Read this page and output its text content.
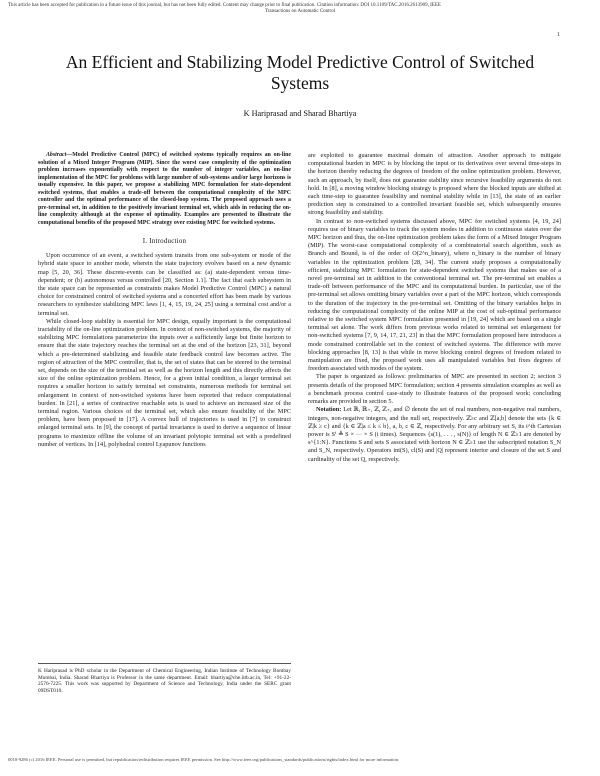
This article has been accepted for publication in a future issue of this journal, but has not been fully edited. Content may change prior to final publication. Citation information: DOI 10.1109/TAC.2016.2613909, IEEE
Transactions on Automatic Control
1
An Efficient and Stabilizing Model Predictive Control of Switched Systems
K Hariprasad and Sharad Bhartiya

Abstract—Model Predictive Control (MPC) of switched systems typically requires an on-line solution of a Mixed Integer Program (MIP). Since the worst case complexity of the optimization problem increases exponentially with respect to the number of integer variables, an on-line implementation of the MPC for problems with large number of sub-systems and/or large horizons is usually expensive. In this paper, we propose a stabilizing MPC formulation for state-dependent switched systems, that enables a trade-off between the computational complexity of the MPC controller and the optimal performance of the closed-loop system. The proposed approach uses a pre-terminal set, in addition to the positively invariant terminal set, which aids in reducing the on-line complexity although at the expense of optimality. Examples are presented to illustrate the computational benefits of the proposed MPC strategy over existing MPC for switched systems.

I. Introduction

Upon occurrence of an event, a switched system transits from one sub-system or mode of the hybrid state space to another mode, wherein the state trajectory evolves based on a new dynamic map [5, 20, 36]. These discrete-events can be classified as: (a) state-dependent versus time-dependent; or (b) autonomous versus controlled [20, Section 1.1]. The fact that each subsystem in the state space can be represented as constraints makes Model Predictive Control (MPC) a natural choice for constrained control of switched systems and a concerted effort has been made by various researchers to synthesize stabilizing MPC laws [1, 4, 15, 19, 24, 25] using a terminal cost and/or a terminal set.

While closed-loop stability is essential for MPC design, equally important is the computational tractability of the on-line optimization problem. In context of non-switched systems, the majority of stabilizing MPC formulations parameterize the inputs over a sufficiently large but finite horizon to ensure that the state trajectory reaches the terminal set at the end of the horizon [23, 31], beyond which a pre-determined stabilizing and feasible state feedback control law becomes active. The region of attraction of the MPC controller, that is, the set of states that can be steered to the terminal set, depends on the size of the terminal set as well as the horizon length and this directly affects the size of the online optimization problem. Hence, for a given initial condition, a larger terminal set requires a smaller horizon to satisfy terminal set constraints, numerous methods for terminal set enlargement in context of non-switched systems have been reported that reduce computational burden. In [21], a series of contractive reachable sets is used to achieve an increased size of the terminal region. Various choices of the terminal set, which also ensure feasibility of the MPC problem, have been proposed in [17]. A convex hull of trajectories is used in [7] to construct enlarged terminal sets. In [9], the concept of partial invariance is used to derive a sequence of linear programs to maximize offline the volume of an invariant polytopic terminal set with a predefined number of vertices. In [14], polyhedral control Lyapunov functions

K Hariprasad is PhD scholar in the Department of Chemical Engineering, Indian Institute of Technology Bombay Mumbai, India. Sharad Bhartiya is Professor in the same department. Email: bhartiya@che.iitb.ac.in, Tel: +91-22-2576-7225. This work was supported by Department of Science and Technology, India under the SERC grant 09DST010.

are exploited to guarantee maximal domain of attraction. Another approach to mitigate computational burden in MPC is by blocking the input or its derivatives over several time-steps in the horizon thereby reducing the degrees of freedom of the online optimization problem. However, such an approach, by itself, does not guarantee stability since recursive feasibility arguments do not hold. In [8], a moving window blocking strategy is proposed where the blocked inputs are shifted at each time-step to guarantee feasibility and nominal stability while in [13], the state of an earlier prediction step is constrained to a controlled invariant feasible set, which subsequently ensures strong feasibility and stability.

In contrast to non-switched systems discussed above, MPC for switched systems [4, 19, 24] requires use of binary variables to track the system modes in addition to continuous states over the MPC horizon and thus, the on-line optimization problem takes the form of a Mixed Integer Program (MIP). The worst-case computational complexity of a combinatorial search algorithm, such as Branch and Bound, is of the order of O(2^n_binary), where n_binary is the number of binary variables in the optimization problem [28, 34]. The current study proposes a computationally efficient, stabilizing MPC formulation for state-dependent switched systems that makes use of a novel pre-terminal set in addition to the conventional terminal set. The pre-terminal set enables a trade-off between performance of the MPC and its computational burden. In particular, use of the pre-terminal set allows omitting binary variables over a part of the MPC horizon, which corresponds to the duration of the trajectory in the pre-terminal set. Omitting of the binary variables helps in reducing the computational complexity of the online MIP at the cost of sub-optimal performance relative to the switched system MPC formulation presented in [19, 24] which are based on a single terminal set alone. The work differs from previous works related to terminal set enlargement for non-switched systems [7, 9, 14, 17, 21, 23] in that the MPC formulation proposed here introduces a mode constrained controllable set in the context of switched systems. The difference with move blocking approaches [8, 13] is that while in move blocking control degrees of freedom related to manipulation are fixed, the proposed work uses all manipulated variables but fixes degrees of freedom associated with modes of the system.

The paper is organized as follows: preliminaries of MPC are presented in section 2; section 3 presents details of the proposed MPC formulation; section 4 presents simulation examples as well as a benchmark process control case-study to illustrate features of the proposed work; concluding remarks are provided in section 5.

Notation: Let ℝ, ℝ₊, ℤ, ℤ₊, and ∅ denote the set of real numbers, non-negative real numbers, integers, non-negative integers, and the null set, respectively. ℤ≥c and ℤ[a,b] denote the sets {k ∈ ℤ|k ≥ c} and {k ∈ ℤ|a ≤ k ≤ b}, a, b, c ∈ ℤ, respectively. For any arbitrary set S, its i^th Cartesian power is Sⁱ ≜ S × ··· × S (i times). Sequences {s(1), . . . , s(N)} of length N ∈ ℤ≥1 are denoted by s^{1:N}. Functions S and sets S associated with horizon N ∈ ℤ≥1 use the subscripted notation S_N and S_N, respectively. Operators int(S), cl(S) and |Q| represent interior and closure of the set S and cardinality of the set Q, respectively.

0018-9286 (c) 2016 IEEE. Personal use is permitted, but republication/redistribution requires IEEE permission. See http://www.ieee.org/publications_standards/publications/rights/index.html for more information.
